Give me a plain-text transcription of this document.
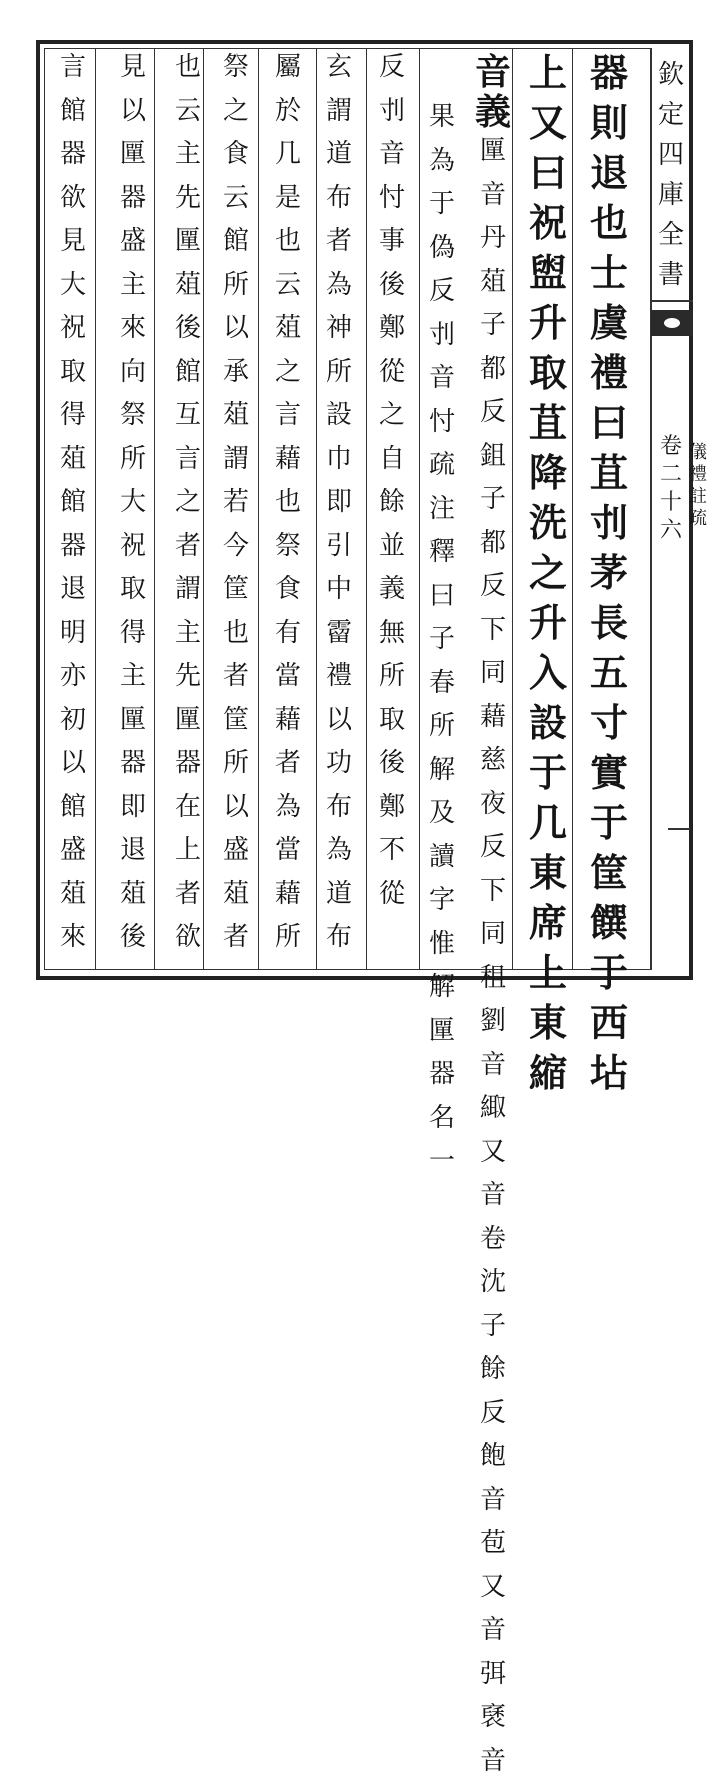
欽
定
四
庫
全
書
卷
二
十
六
儀
禮
註
疏
器
則
退
也
士
虞
禮
曰
苴
刌
茅
長
五
寸
實
于
筐
饌
于
西
坫
上
又
曰
祝
盥
升
取
苴
降
洗
之
升
入
設
于
几
東
席
上
東
縮
音
義
匰
音
丹
葅
子
都
反
鉏
子
都
反
下
同
藉
慈
夜
反
下
同
租
劉
音
緅
又
音
卷
沈
子
餘
反
飽
音
苞
又
音
弭
褎
音
果
為
于
偽
反
刌
音
忖
疏
注
釋
曰
子
春
所
解
及
讀
字
惟
解
匰
器
名
一
反
刌
音
忖
事
後
鄭
從
之
自
餘
並
義
無
所
取
後
鄭
不
從
玄
謂
道
布
者
為
神
所
設
巾
即
引
中
霤
禮
以
功
布
為
道
布
屬
於
几
是
也
云
葅
之
言
藉
也
祭
食
有
當
藉
者
為
當
藉
所
祭
之
食
云
館
所
以
承
葅
謂
若
今
筐
也
者
筐
所
以
盛
葅
者
也
云
主
先
匰
葅
後
館
互
言
之
者
謂
主
先
匰
器
在
上
者
欲
見
以
匰
器
盛
主
來
向
祭
所
大
祝
取
得
主
匰
器
即
退
葅
後
言
館
器
欲
見
大
祝
取
得
葅
館
器
退
明
亦
初
以
館
盛
葅
來
互
言
之
是
以
鄭
云
明
共
主
以
匰
共
葅
以
筐
大
祝
取
其
主
葅
陳
之
器
則
退
也
二
事
雙
解
之
引
士
虞
禮
曰
苴
刌
茅
長
